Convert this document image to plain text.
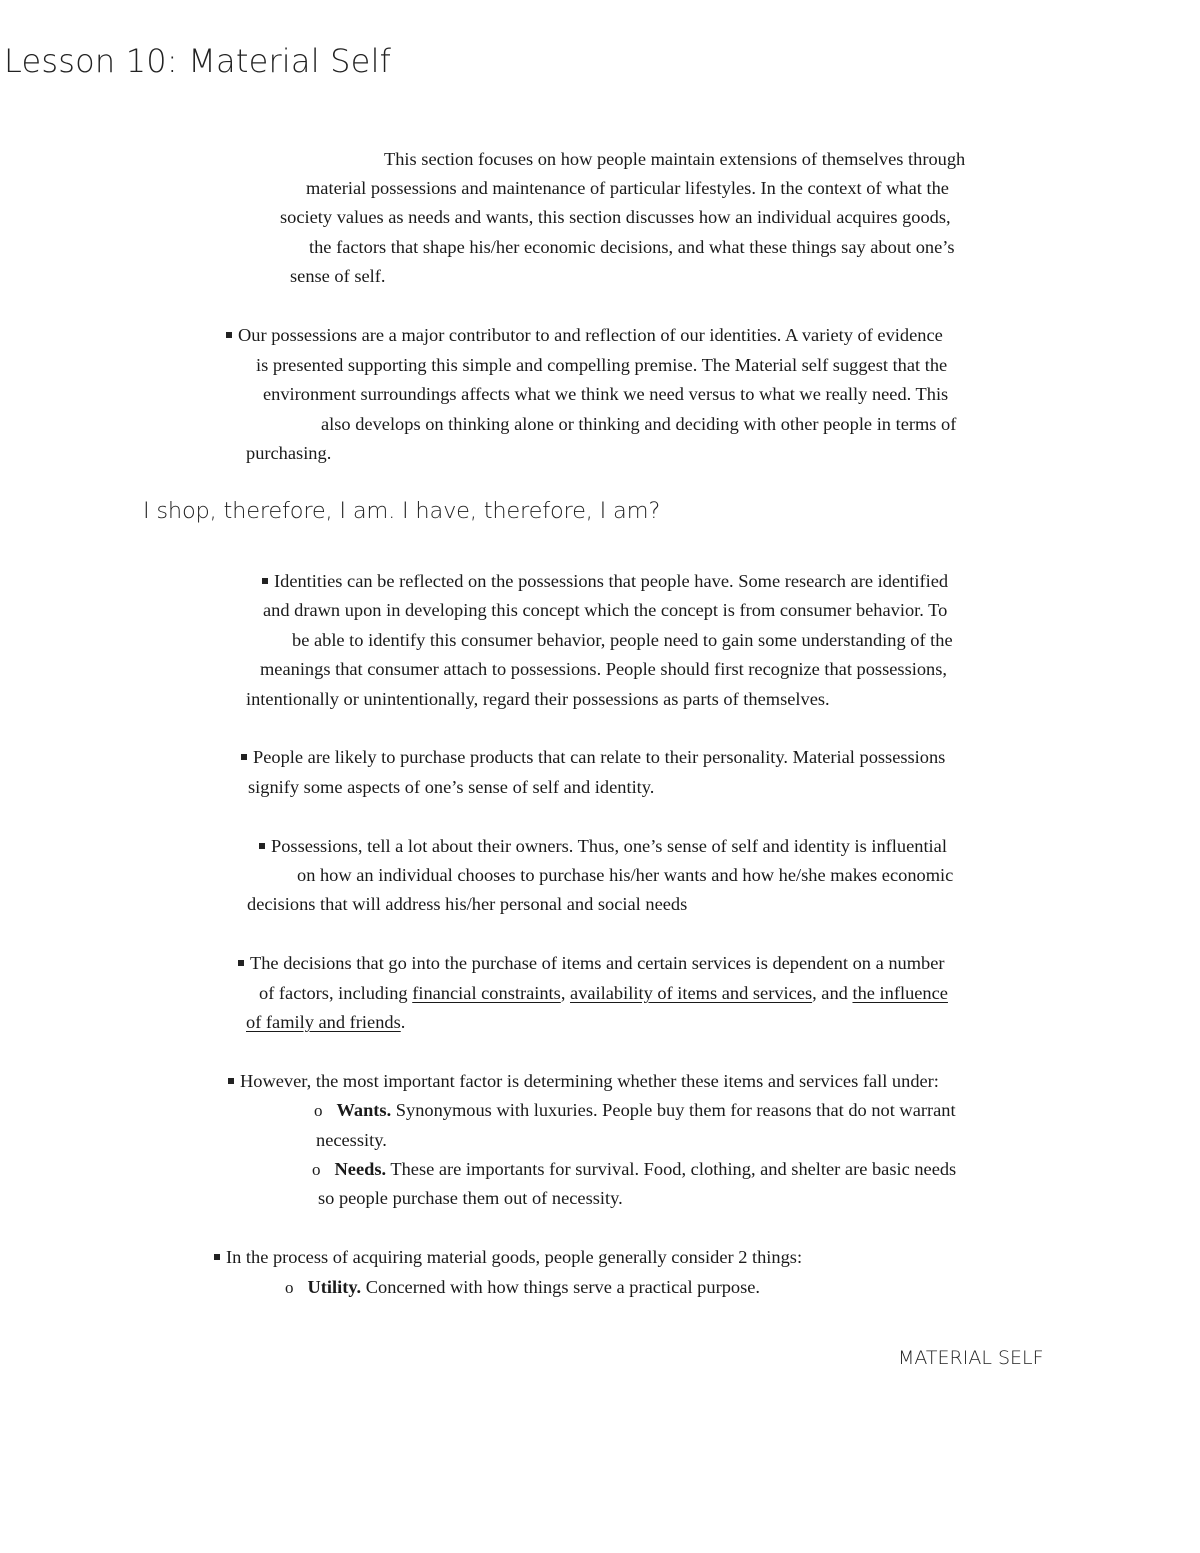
Lesson 10: Material Self
This section focuses on how people maintain extensions of themselves through
material possessions and maintenance of particular lifestyles. In the context of what the
society values as needs and wants, this section discusses how an individual acquires goods,
the factors that shape his/her economic decisions, and what these things say about one’s
sense of self.
Our possessions are a major contributor to and reflection of our identities. A variety of evidence
is presented supporting this simple and compelling premise. The Material self suggest that the
environment surroundings affects what we think we need versus to what we really need. This
also develops on thinking alone or thinking and deciding with other people in terms of
purchasing.
I shop, therefore, I am. I have, therefore, I am?
Identities can be reflected on the possessions that people have. Some research are identified
and drawn upon in developing this concept which the concept is from consumer behavior. To
be able to identify this consumer behavior, people need to gain some understanding of the
meanings that consumer attach to possessions. People should first recognize that possessions,
intentionally or unintentionally, regard their possessions as parts of themselves.
People are likely to purchase products that can relate to their personality. Material possessions
signify some aspects of one’s sense of self and identity.
Possessions, tell a lot about their owners. Thus, one’s sense of self and identity is influential
on how an individual chooses to purchase his/her wants and how he/she makes economic
decisions that will address his/her personal and social needs
The decisions that go into the purchase of items and certain services is dependent on a number
of factors, including financial constraints, availability of items and services, and the influence
of family and friends.
However, the most important factor is determining whether these items and services fall under:
o Wants. Synonymous with luxuries. People buy them for reasons that do not warrant
necessity.
o Needs. These are importants for survival. Food, clothing, and shelter are basic needs
so people purchase them out of necessity.
In the process of acquiring material goods, people generally consider 2 things:
o Utility. Concerned with how things serve a practical purpose.
MATERIAL SELF
